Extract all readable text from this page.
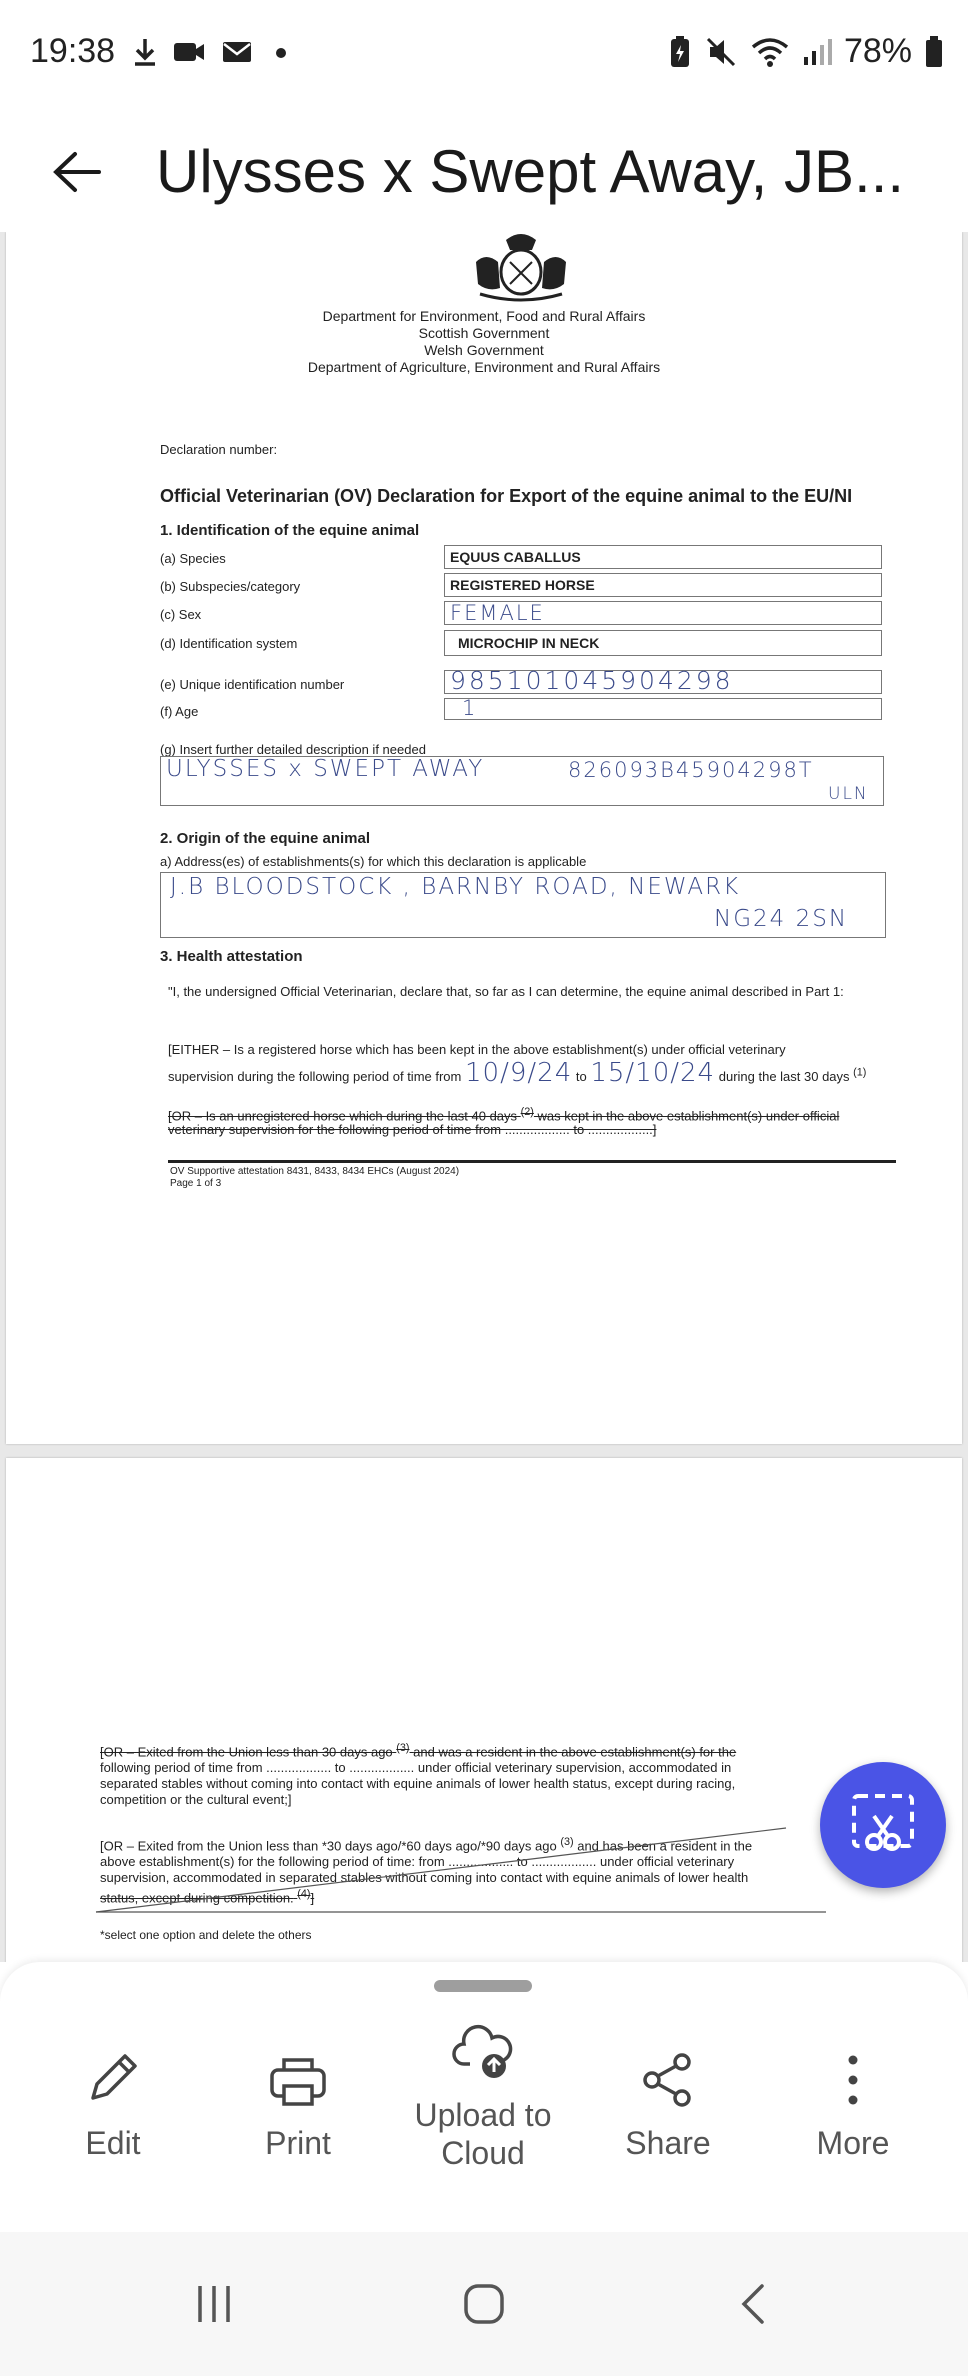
19:38
	78%
Ulysses x Swept Away, JB...
Department for Environment, Food and Rural Affairs
Scottish Government
Welsh Government
Department of Agriculture, Environment and Rural Affairs
Declaration number:
Official Veterinarian (OV) Declaration for Export of the equine animal to the EU/NI
1. Identification of the equine animal
(a) Species	EQUUS CABALLUS
(b) Subspecies/category	REGISTERED HORSE
(c) Sex	FEMALE
(d) Identification system	MICROCHIP IN NECK
(e) Unique identification number	985101045904298
(f) Age	1
(g) Insert further detailed description if needed
ULYSSES x SWEPT AWAY	826093B45904298T
ULN
2. Origin of the equine animal
a) Address(es) of establishments(s) for which this declaration is applicable
J.B BLOODSTOCK , BARNBY ROAD, NEWARK
NG24 2SN
3. Health attestation
"I, the undersigned Official Veterinarian, declare that, so far as I can determine, the equine animal described in Part 1:
[EITHER – Is a registered horse which has been kept in the above establishment(s) under official veterinary
supervision during the following period of time from 10/9/24 to 15/10/24 during the last 30 days $^{(1)}$
[OR – Is an unregistered horse which during the last 40 days $^{(2)}$ was kept in the above establishment(s) under official
veterinary supervision for the following period of time from .................. to ..................]
OV Supportive attestation 8431, 8433, 8434 EHCs (August 2024)
Page 1 of 3
[OR – Exited from the Union less than 30 days ago $^{(3)}$ and was a resident in the above establishment(s) for the
following period of time from .................. to .................. under official veterinary supervision, accommodated in
separated stables without coming into contact with equine animals of lower health status, except during racing,
competition or the cultural event;]
[OR – Exited from the Union less than *30 days ago/*60 days ago/*90 days ago $^{(3)}$ and has been a resident in the
above establishment(s) for the following period of time: from .................. to .................. under official veterinary
supervision, accommodated in separated stables without coming into contact with equine animals of lower health
status, except during competition. $^{(4)}$]
*select one option and delete the others
Edit	Print
Upload to
Cloud	Share	More
